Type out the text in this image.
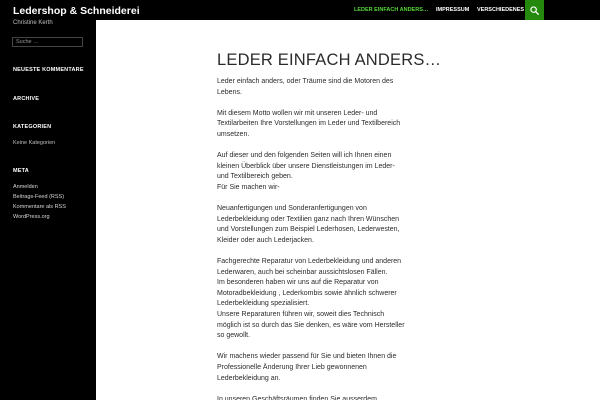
Suche …
NEUESTE KOMMENTARE
ARCHIVE
KATEGORIEN
Keine Kategorien
META
Anmelden
Beitrags-Feed (RSS)
Kommentare als RSS
WordPress.org
LEDER EINFACH ANDERS… IMPRESSUM VERSCHIEDENES
Ledershop & Schneiderei
Christine Kerth
LEDER EINFACH ANDERS…

Leder einfach anders, oder Träume sind die Motoren des
Lebens.

Mit diesem Motto wollen wir mit unseren Leder- und
Textilarbeiten Ihre Vorstellungen im Leder und Textilbereich
umsetzen.

Auf dieser und den folgenden Seiten will ich Ihnen einen
kleinen Überblick über unsere Dienstleistungen im Leder-
und Textilbereich geben.
Für Sie machen wir-

Neuanfertigungen und Sonderanfertigungen von
Lederbekleidung oder Textilien ganz nach Ihren Wünschen
und Vorstellungen zum Beispiel Lederhosen, Lederwesten,
Kleider oder auch Lederjacken.

Fachgerechte Reparatur von Lederbekleidung und anderen
Lederwaren, auch bei scheinbar aussichtslosen Fällen.
Im besonderen haben wir uns auf die Reparatur von
Motoradbekleidung , Lederkombis sowie ähnlich schwerer
Lederbekleidung spezialisiert.
Unsere Reparaturen führen wir, soweit dies Technisch
möglich ist so durch das Sie denken, es wäre vom Hersteller
so gewollt.

Wir machens wieder passend für Sie und bieten Ihnen die
Professionelle Änderung Ihrer Lieb gewonnenen
Lederbekleidung an.

In unseren Geschäftsräumen finden Sie ausserdem
